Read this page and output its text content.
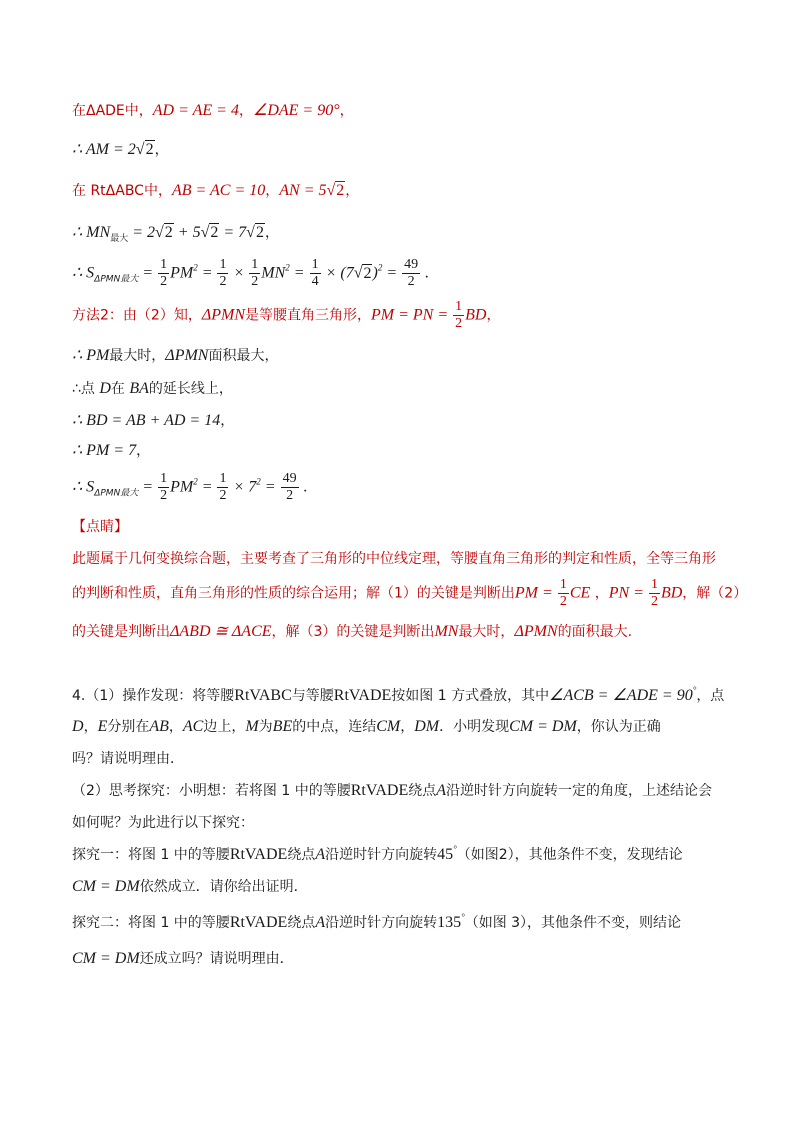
在ΔADE中，AD = AE = 4，∠DAE = 90°，
∴ AM = 2√2，
在 RtΔABC中，AB = AC = 10，AN = 5√2，
∴ $MN_{最大} = 2√2 + 5√2 = 7√2$，
∴ $S_{\Delta PMN最大} = \frac{1}{2} PM^2 = \frac{1}{2} \times \frac{1}{2} MN^2 = \frac{1}{4} \times (7√2)^2 = \frac{49}{2}$ .
方法2：由（2）知，ΔPMN是等腰直角三角形，PM = PN = $\frac{1}{2}$ BD，
∴ PM最大时，ΔPMN面积最大，
∴点 D在 BA的延长线上，
∴ BD = AB + AD = 14，
∴ PM = 7，
∴ $S_{\Delta PMN最大} = \frac{1}{2} PM^2 = \frac{1}{2} \times 7^2 = \frac{49}{2}$ .
【点睛】
此题属于几何变换综合题，主要考查了三角形的中位线定理，等腰直角三角形的判定和性质，全等三角形
的判断和性质，直角三角形的性质的综合运用；解（1）的关键是判断出PM = $\frac{1}{2}$ CE ，PN = $\frac{1}{2}$ BD，解（2）
的关键是判断出ΔABD ≅ ΔACE，解（3）的关键是判断出MN最大时，ΔPMN的面积最大.
4.（1）操作发现：将等腰RtVABC与等腰RtVADE按如图 1 方式叠放，其中∠ACB = ∠ADE = 90°，点
D，E分别在AB，AC边上，M为BE的中点，连结CM，DM．小明发现CM = DM，你认为正确
吗？请说明理由．
（2）思考探究：小明想：若将图 1 中的等腰RtVADE绕点A沿逆时针方向旋转一定的角度，上述结论会
如何呢？为此进行以下探究：
探究一：将图 1 中的等腰RtVADE绕点A沿逆时针方向旋转45°（如图2），其他条件不变，发现结论
CM = DM依然成立．请你给出证明．
探究二：将图 1 中的等腰RtVADE绕点A沿逆时针方向旋转135°（如图 3），其他条件不变，则结论
CM = DM还成立吗？请说明理由．
